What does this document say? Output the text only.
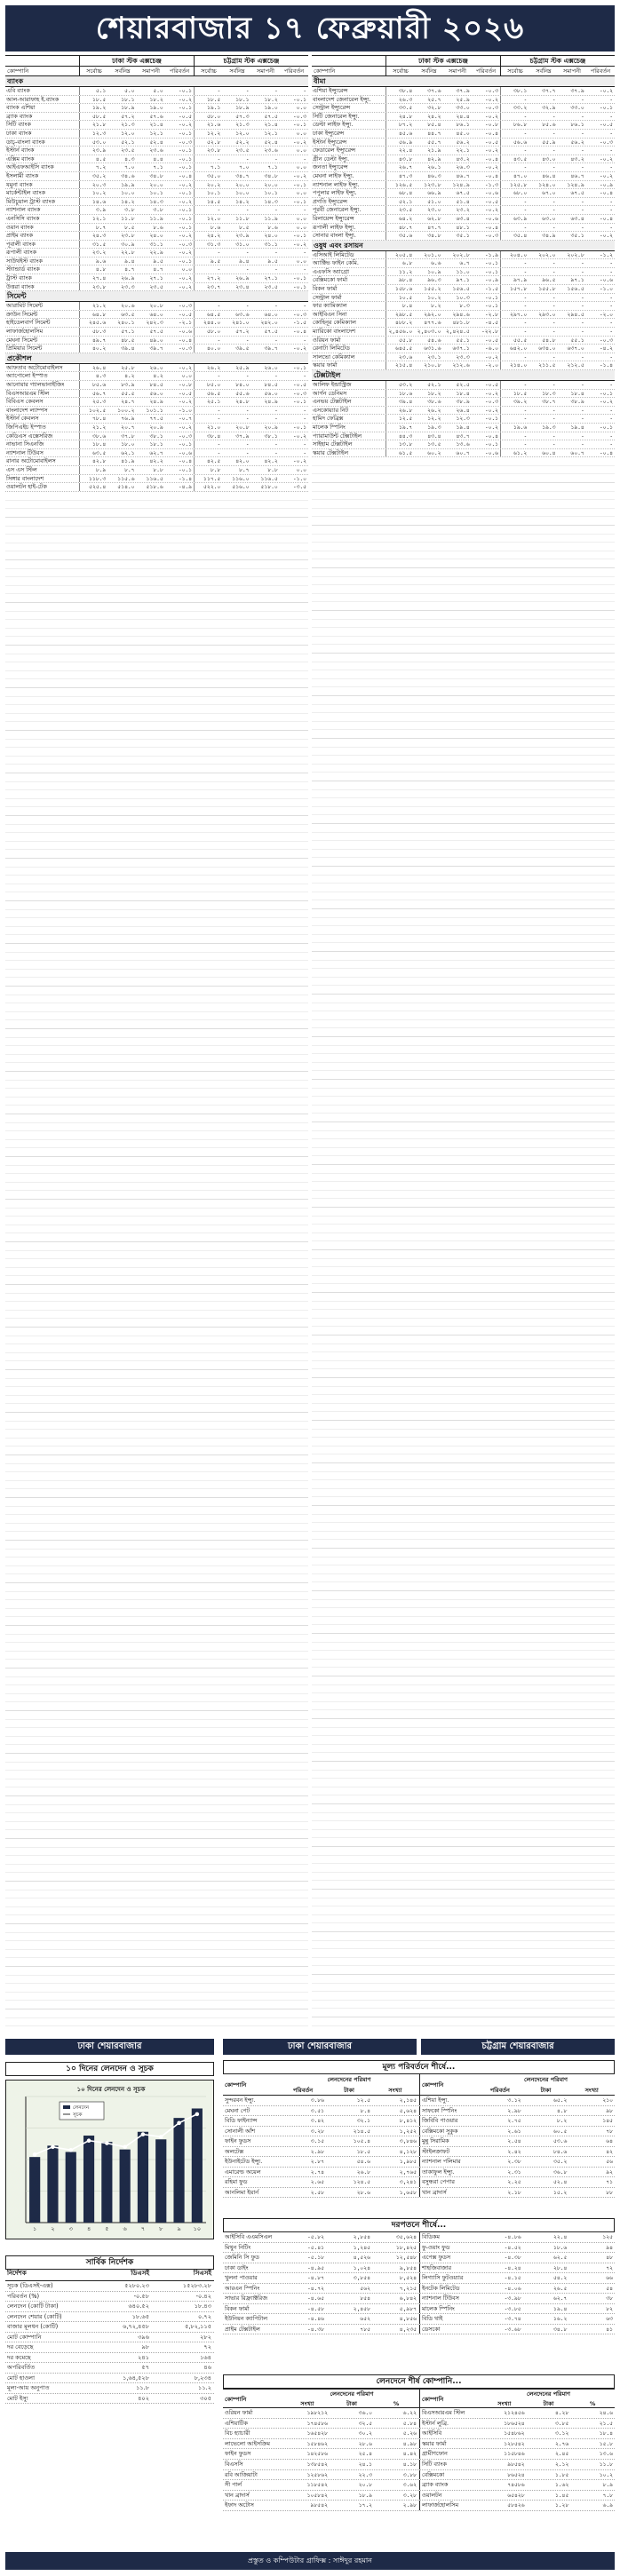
শেয়ারবাজার ১৭ ফেব্রুয়ারী ২০২৬
ঢাকা স্টক এক্সচেঞ্জ	চট্টগ্রাম স্টক এক্সচেঞ্জ
কোম্পানি	সর্বোচ্চ	সর্বনিম্ন	সমাপনী	পরিবর্তন	সর্বোচ্চ	সর্বনিম্ন	সমাপনী	পরিবর্তন
ব্যাংক
এবি ব্যাংক	৫.১	৫.০	৫.০	-০.১	-	-	-	-
আল-আরাফাহ ই.ব্যাংক	১৮.৫	১৮.১	১৮.২	-০.২	১৮.৫	১৮.১	১৮.২	-০.১
ব্যাংক এশিয়া	১৯.২	১৮.৯	১৯.০	-০.১	১৯.১	১৮.৯	১৯.০	০.০
ব্র্যাক ব্যাংক	৫৮.৫	৫৭.২	৫৭.৬	-০.৫	৫৮.০	৫৭.৩	৫৭.৫	-০.৩
সিটি ব্যাংক	২১.৮	২১.৩	২১.৪	-০.২	২১.৬	২১.৩	২১.৪	-০.১
ঢাকা ব্যাংক	১২.৩	১২.০	১২.১	-০.১	১২.২	১২.০	১২.১	০.০
ডাচ্-বাংলা ব্যাংক	৫৩.০	৫২.১	৫২.৪	-০.৩	৫২.৮	৫২.২	৫২.৪	-০.২
ইস্টার্ন ব্যাংক	২৩.৯	২৩.৫	২৩.৬	-০.১	২৩.৮	২৩.৫	২৩.৬	০.০
এক্সিম ব্যাংক	৪.৫	৪.৩	৪.৪	-০.১	-	-	-	-
আইএফআইসি ব্যাংক	৭.২	৭.০	৭.১	-০.১	৭.১	৭.০	৭.১	০.০
ইসলামী ব্যাংক	৩৫.২	৩৪.৬	৩৪.৮	-০.৪	৩৫.০	৩৪.৭	৩৪.৮	-০.২
যমুনা ব্যাংক	২০.৩	১৯.৯	২০.০	-০.২	২০.২	২০.০	২০.০	-০.১
মার্কেন্টাইল ব্যাংক	১০.২	১০.০	১০.১	-০.১	১০.১	১০.০	১০.১	০.০
মিউচুয়াল ট্রাস্ট ব্যাংক	১৪.৬	১৪.২	১৪.৩	-০.২	১৪.৫	১৪.২	১৪.৩	-০.১
ন্যাশনাল ব্যাংক	৩.৯	৩.৮	৩.৮	-০.১	-	-	-	-
এনসিসি ব্যাংক	১২.১	১১.৮	১১.৯	-০.১	১২.০	১১.৮	১১.৯	০.০
ওয়ান ব্যাংক	৮.৭	৮.৫	৮.৬	-০.১	৮.৬	৮.৫	৮.৬	০.০
প্রাইম ব্যাংক	২৪.৩	২৩.৮	২৪.০	-০.২	২৪.২	২৩.৯	২৪.০	-০.১
পূবালী ব্যাংক	৩১.৫	৩০.৯	৩১.১	-০.৩	৩১.৩	৩১.০	৩১.১	-০.২
রূপালী ব্যাংক	২৩.২	২২.৮	২২.৯	-০.২	-	-	-	-
সাউথইস্ট ব্যাংক	৯.৬	৯.৪	৯.৫	-০.১	৯.৫	৯.৪	৯.৫	০.০
স্ট্যান্ডার্ড ব্যাংক	৪.৮	৪.৭	৪.৭	০.০	-	-	-	-
ট্রাস্ট ব্যাংক	২৭.৪	২৬.৯	২৭.১	-০.২	২৭.২	২৬.৯	২৭.১	-০.১
উত্তরা ব্যাংক	২৩.৮	২৩.৩	২৩.৫	-০.২	২৩.৭	২৩.৪	২৩.৫	-০.১
সিমেন্ট
আরামিট সিমেন্ট	২১.২	২০.৬	২০.৮	-০.৩	-	-	-	-
ক্রাউন সিমেন্ট	৬৪.৮	৬৩.৫	৬৪.০	-০.৫	৬৪.৫	৬৩.৬	৬৪.০	-০.৩
হাইডেলবার্গ সিমেন্ট	২৪৫.৬	২৪০.১	২৪২.৩	-২.১	২৪৪.০	২৪১.০	২৪২.০	-১.৫
লাফার্জহোলসিম	৫৮.৩	৫৭.১	৫৭.৫	-০.৬	৫৮.০	৫৭.২	৫৭.৫	-০.৪
মেঘনা সিমেন্ট	৪৯.৭	৪৮.৫	৪৯.০	-০.৪	-	-	-	-
প্রিমিয়ার সিমেন্ট	৪০.২	৩৯.৪	৩৯.৭	-০.৩	৪০.০	৩৯.৫	৩৯.৭	-০.২
প্রকৌশল
আফতাব অটোমোবাইলস	২৬.৪	২৫.৮	২৬.০	-০.২	২৬.২	২৫.৯	২৬.০	-০.১
অ্যাপোলো ইস্পাত	৪.৩	৪.২	৪.২	০.০	-	-	-	-
আনোয়ার গ্যালভানাইজিং	৮৫.৬	৮৩.৯	৮৪.৫	-০.৮	৮৫.০	৮৪.০	৮৪.৫	-০.৫
বিএসআরএম স্টিল	৫৬.৭	৫৫.৫	৫৬.০	-০.৫	৫৬.৫	৫৫.৬	৫৬.০	-০.৩
বিবিএস কেবলস	২৫.৩	২৪.৭	২৪.৯	-০.২	২৫.১	২৪.৮	২৪.৯	-০.১
বাংলাদেশ ল্যাম্পস	১০২.৫	১০০.২	১০১.১	-১.০	-	-	-	-
ইস্টার্ন কেবলস	৭৮.৪	৭৬.৯	৭৭.৫	-০.৭	-	-	-	-
জিপিএইচ ইস্পাত	২১.২	২০.৭	২০.৯	-০.২	২১.০	২০.৮	২০.৯	-০.১
কেডিএস এক্সেসরিজ	৩৮.৬	৩৭.৮	৩৮.১	-০.৩	৩৮.৪	৩৭.৯	৩৮.১	-০.২
নাভানা সিএনজি	১৮.৪	১৮.০	১৮.১	-০.১	-	-	-	-
ন্যাশনাল টিউবস	৬৩.৫	৬২.১	৬২.৭	-০.৬	-	-	-	-
রানার অটোমোবাইলস	৪২.৮	৪১.৯	৪২.২	-০.৪	৪২.৫	৪২.০	৪২.২	-০.২
এস এস স্টিল	৮.৯	৮.৭	৮.৮	-০.১	৮.৮	৮.৭	৮.৮	০.০
সিঙ্গার বাংলাদেশ	১১৮.৩	১১৫.৬	১১৬.৫	-১.৪	১১৭.৫	১১৬.০	১১৬.৫	-১.০
ওয়ালটন হাই-টেক	৫২৫.৪	৫১৪.০	৫১৮.৬	-৪.৯	৫২২.০	৫১৬.০	৫১৮.০	-৩.৫
ঢাকা স্টক এক্সচেঞ্জ	চট্টগ্রাম স্টক এক্সচেঞ্জ
কোম্পানি	সর্বোচ্চ	সর্বনিম্ন	সমাপনী	পরিবর্তন	সর্বোচ্চ	সর্বনিম্ন	সমাপনী	পরিবর্তন
বীমা
এশিয়া ইন্স্যুরেন্স	৩৮.৪	৩৭.৬	৩৭.৯	-০.৩	৩৮.১	৩৭.৭	৩৭.৯	-০.২
বাংলাদেশ জেনারেল ইন্স্যু.	২৬.৩	২৫.৭	২৫.৯	-০.২	-	-	-	-
সেন্ট্রাল ইন্স্যুরেন্স	৩৩.৫	৩২.৮	৩৩.০	-০.৩	৩৩.২	৩২.৯	৩৩.০	-০.১
সিটি জেনারেল ইন্স্যু.	২৪.৮	২৪.২	২৪.৪	-০.২	-	-	-	-
ডেল্টা লাইফ ইন্স্যু.	৮৭.২	৮৫.৪	৮৬.১	-০.৮	৮৬.৮	৮৫.৬	৮৬.১	-০.৫
ঢাকা ইন্স্যুরেন্স	৪৫.৬	৪৪.৭	৪৫.০	-০.৪	-	-	-	-
ইস্টার্ন ইন্স্যুরেন্স	৫৬.৯	৫৫.৭	৫৬.২	-০.৫	৫৬.৬	৫৫.৯	৫৬.২	-০.৩
ফেডারেল ইন্স্যুরেন্স	২২.৪	২১.৯	২২.১	-০.২	-	-	-	-
গ্রীন ডেল্টা ইন্স্যু.	৪৩.৮	৪২.৯	৪৩.২	-০.৪	৪৩.৫	৪৩.০	৪৩.২	-০.২
জনতা ইন্স্যুরেন্স	২৬.৭	২৬.১	২৬.৩	-০.২	-	-	-	-
মেঘনা লাইফ ইন্স্যু.	৪৭.৩	৪৬.৩	৪৬.৭	-০.৪	৪৭.০	৪৬.৪	৪৬.৭	-০.২
ন্যাশনাল লাইফ ইন্স্যু.	১২৬.৫	১২৩.৮	১২৪.৯	-১.৩	১২৫.৮	১২৪.০	১২৪.৯	-০.৯
পপুলার লাইফ ইন্স্যু.	৬৮.৪	৬৬.৯	৬৭.৫	-০.৬	৬৮.০	৬৭.০	৬৭.৫	-০.৪
প্রগতি ইন্স্যুরেন্স	৫২.১	৫১.০	৫১.৪	-০.৫	-	-	-	-
পূরবী জেনারেল ইন্স্যু.	২৩.৫	২৩.০	২৩.২	-০.২	-	-	-	-
রিলায়েন্স ইন্স্যুরেন্স	৬৪.২	৬২.৮	৬৩.৪	-০.৬	৬৩.৯	৬৩.০	৬৩.৪	-০.৪
রূপালী লাইফ ইন্স্যু.	৪৮.৭	৪৭.৭	৪৮.১	-০.৪	-	-	-	-
সোনার বাংলা ইন্স্যু.	৩৫.৬	৩৪.৮	৩৫.১	-০.৩	৩৫.৪	৩৪.৯	৩৫.১	-০.২
ওষুধ এবং রসায়ন
এসিআই লিমিটেড	২০৫.৪	২০১.০	২০২.৮	-১.৯	২০৪.০	২০২.০	২০২.৮	-১.২
অ্যাক্টিভ ফাইন কেমি.	৬.৮	৬.৬	৬.৭	-০.১	-	-	-	-
এএফসি অ্যাগ্রো	১১.২	১০.৯	১১.০	-০.১	-	-	-	-
বেক্সিমকো ফার্মা	৯৮.৪	৯৬.৩	৯৭.১	-০.৯	৯৭.৯	৯৬.৫	৯৭.১	-০.৬
বিকন ফার্মা	১৫৮.৬	১৫৫.২	১৫৬.৫	-১.৫	১৫৭.৮	১৫৫.৮	১৫৬.৫	-১.০
সেন্ট্রাল ফার্মা	১০.৫	১০.২	১০.৩	-০.১	-	-	-	-
ফার ক্যামিক্যাল	৮.৪	৮.২	৮.৩	-০.১	-	-	-	-
আইবিএন সিনা	২৯৮.৫	২৯২.০	২৯৪.৬	-২.৮	২৯৭.০	২৯৩.০	২৯৪.৫	-২.০
কোহিনূর কেমিক্যাল	৪৮৮.২	৪৭৭.৬	৪৮১.৮	-৪.৫	-	-	-	-
ম্যারিকো বাংলাদেশ	২,৪৫৬.০ ২,৪০৩.০ ২,৪২৪.৫	-২২.৮	-	-	-	-
ওরিয়ন ফার্মা	৫৫.৮	৫৪.৬	৫৫.১	-০.৫	৫৫.৫	৫৪.৮	৫৫.১	-০.৩
রেনাটা লিমিটেড	৬৪৫.৫	৬৩১.৬	৬৩৭.১	-৬.০	৬৪২.০	৬৩৪.০	৬৩৭.০	-৪.২
সালভো কেমিক্যাল	২৩.৬	২৩.১	২৩.৩	-০.২	-	-	-	-
স্কয়ার ফার্মা	২১৫.৪	২১০.৮	২১২.৬	-২.০	২১৪.০	২১১.৫	২১২.৫	-১.৪
টেক্সটাইল
আলিফ ইন্ডাস্ট্রিজ	৫৩.২	৫২.১	৫২.৫	-০.৫	-	-	-	-
আর্গন ডেনিমস	১৮.৬	১৮.২	১৮.৪	-০.২	১৮.৫	১৮.৩	১৮.৪	-০.১
এনভয় টেক্সটাইল	৩৯.৪	৩৮.৬	৩৮.৯	-০.৩	৩৯.২	৩৮.৭	৩৮.৯	-০.২
এসকোয়্যার নিট	২৬.৮	২৬.২	২৬.৪	-০.২	-	-	-	-
হামিদ ফেব্রিক্স	১২.৫	১২.২	১২.৩	-০.১	-	-	-	-
মালেক স্পিনিং	১৯.৭	১৯.৩	১৯.৪	-০.২	১৯.৬	১৯.৩	১৯.৪	-০.১
প্যারামাউন্ট টেক্সটাইল	৪৪.৩	৪৩.৪	৪৩.৭	-০.৪	-	-	-	-
সাইহাম টেক্সটাইল	১৩.৮	১৩.৫	১৩.৬	-০.১	-	-	-	-
স্কয়ার টেক্সটাইল	৬১.৫	৬০.২	৬০.৭	-০.৬	৬১.২	৬০.৪	৬০.৭	-০.৪
ঢাকা শেয়ারবাজার	ঢাকা শেয়ারবাজার	চট্টগ্রাম শেয়ারবাজার
১০ দিনের লেনদেন ও সূচক
১ ২ ৩ ৪ ৫ ৬ ৭ ৮ ৯ ১০
লেনদেন
সূচক
১০ দিনের লেনদেন ও সূচক
সার্বিক নির্দেশক
নির্দেশক	ডিএসই	সিএসই
সূচক (ডিএসই-এক্স)	৫২৮০.২৩	১৫২৮৩.২৮
পরিবর্তন (%)	-০.৫৮	-০.৪২
লেনদেন (কোটি টাকা)	৬৪০.৫২	১৮.৪৩
লেনদেন শেয়ার (কোটি)	১৮.৬৫	০.৭২
বাজার মূলধন (কোটি)	৬,৭২,৪৫৮	৫,৮২,১১৫
মোট কোম্পানি	৩৯৬	২৮২
দর বেড়েছে	৯৮	৭২
দর কমেছে	২৪১	১৬৪
অপরিবর্তিত	৫৭	৪৬
মোট হাওলা	১,৬৪,৫২৮	৮,২৩৪
মূল্য-আয় অনুপাত	১১.৮	১১.২
মোট ইস্যু	৪০২	৩০৫
মূল্য পরিবর্তনে শীর্ষে...
কোম্পানি
লেনদেনের পরিমাণ
পরিবর্তন	টাকা	সংখ্যা
কোম্পানি
লেনদেনের পরিমাণ
পরিবর্তন	টাকা	সংখ্যা
সুন্দরবন ইন্স্যু.	৩.৮৬	১২.৫	২,১৪৫ এশিয়া ইন্স্যু.	৩.১২	৬৫.২	২১০
মেঘনা পেট	৩.৫১	৮.৪	৫,৬২৪ সাফকো স্পিনিং	২.৯৮	৪.৮	৯৮
বিডি ফাইন্যান্স	৩.৪২	৩২.১	৮,৪১২ জিবিবি পাওয়ার	২.৭৫	৮.২	১৪৫
সোনালী আঁশ	৩.২৮	২১৪.৫	১,২৫২ বেক্সিমকো সুকুক	২.৬১	৬০.৫	৭৮
ফাইন ফুডস	৩.১৫	১০৫.৪	৩,৮৪৬ মুন্নু সিরামিক	২.৫৪	৫৩.৬	৬৪
অলটেক্স	২.৯৮	১৮.৫	৪,১২৮ স্টাইলক্রাফট	২.৪২	৮৪.৬	৪২
ইউনাইটেড ইন্স্যু.	২.৮৭	৫৪.৬	১,৯৮৫ ন্যাশনাল পলিমার	২.৩৮	৩৫.২	৫৬
এমারেল্ড অয়েল	২.৭৪	২৬.৮	২,৭৬৫ তাকাফুল ইন্স্যু.	২.৩১	৩৬.৮	৯২
রহিমা ফুড	২.৬৫	১২৪.৫	৩,২৪১ বসুন্ধরা পেপার	২.২৫	৫২.৪	৭১
আনলিমা ইয়ার্ন	২.৫৮	২৮.৬	১,৬৫৮ খান ব্রাদার্স	২.১৮	১৫.২	৮৮
দরপতনে শীর্ষে...
আইসিবি এএমসিএল	-৫.৮২	২,৮৫৪	৩৫,৬২৪ বিডিকম	-৪.৮৬	২২.৪	১২৫
মিথুন নিটিং	-৫.৪১	১,২৪৫	১৮,৪২৫ ফু-ওয়াং ফুড	-৪.৫২	১৮.৬	৯৪
জেমিনি সি ফুড	-৫.১৮	৪,৫২৬	১২,৫৪৮ এপেক্স ফুডস	-৪.৩৮	৬২.৫	৪৮
ঢাকা ডাইং	-৪.৯৫	১,০২৪	৯,৮৫৪ শাহজিবাজার	-৪.২৪	২৮.৪	৭২
খুলনা পাওয়ার	-৪.৮৭	৩,৮৫৪	৮,৫২৪ লিগ্যাসি ফুটওয়্যার	-৪.১৫	৫৪.২	৬৬
আরএন স্পিনিং	-৪.৭২	৫৬২	৭,২১৫ ইনটেক লিমিটেড	-৪.০৬	২৬.৫	৫৪
সাভার রিফ্র্যাক্টরিজ	-৪.৬৫	৮৫৪	৬,৮৪২ ন্যাশনাল টিউবস	-৩.৯৮	৬২.৭	৩৮
বিকন ফার্মা	-৪.৫৮	২,৪৫৮	৫,৯৮৭ মালেক স্পিনিং	-৩.৮৫	১৯.৪	৮২
ইউনিয়ন ক্যাপিটাল	-৪.৪৬	৬৫২	৪,৮৫৬ বিডি থাই	-৩.৭৪	১৬.২	৬৩
প্রাইম টেক্সটাইল	-৪.৩৮	৭৮৫	৪,২৩৫ ডেসকো	-৩.৬৮	৩৪.৮	৪১
লেনদেনে শীর্ষ কোম্পানি...
কোম্পানি
লেনদেনের পরিমাণ
সংখ্যা	টাকা	%
কোম্পানি
লেনদেনের পরিমাণ
সংখ্যা	টাকা	%
ওরিয়ন ফার্মা	১৯৮২১২	৩৬.০	৬.২২ বিএসআরএম স্টিল	২১২৪৫৬	৪.২৮	২৪.৬
এশিয়াটিক	১৭৪৫৮৬	৩২.৫	৫.৮৪ ইস্টার্ন লুব্রি.	১৮৬৫২৪	৩.৮৫	২১.৫
বিচ হ্যাচারী	১৬৫৪২৮	৩০.২	৫.২৬ আইসিবি	১৫৪৮৬২	৩.১২	১৮.৪
লাভেলো আইসক্রিম	১৫৮৪৬২	২৮.৬	৪.৯৮ স্কয়ার ফার্মা	১২৮৫৪২	২.৭৬	১৫.৮
ফাইন ফুডস	১৪২৫৮৬	২৫.৪	৪.৪২ গ্রামীণফোন	১১৫৮৪৬	২.৪৫	১৩.৬
বিএসসি	১৩৮৫৪২	২৪.১	৪.১৮ সিটি ব্যাংক	৯৮৫৪২	২.১২	১১.৮
রবি আজিয়াটা	১২৫৮৬২	২২.৩	৩.৮৮ বেক্সিমকো	৮৬৫২৪	১.৮৫	১০.২
সী পার্ল	১১৮৫৪২	২০.৮	৩.৬২ ব্র্যাক ব্যাংক	৭৪৫৮৬	১.৬২	৮.৯
খান ব্রাদার্স	১০৫৮৪২	১৮.৯	৩.২৮ ওয়ালটন	৬৫৪২৮	১.৪৫	৭.৮
ইফাদ অটোস	৯৮৫৪২	১৭.২	২.৯৮ লাফার্জহোলসিম	৫৮৪২৬	১.২৮	৬.৯
প্রস্তুত ও কম্পিউটার গ্রাফিক্স : সাঈদুর রহমান
